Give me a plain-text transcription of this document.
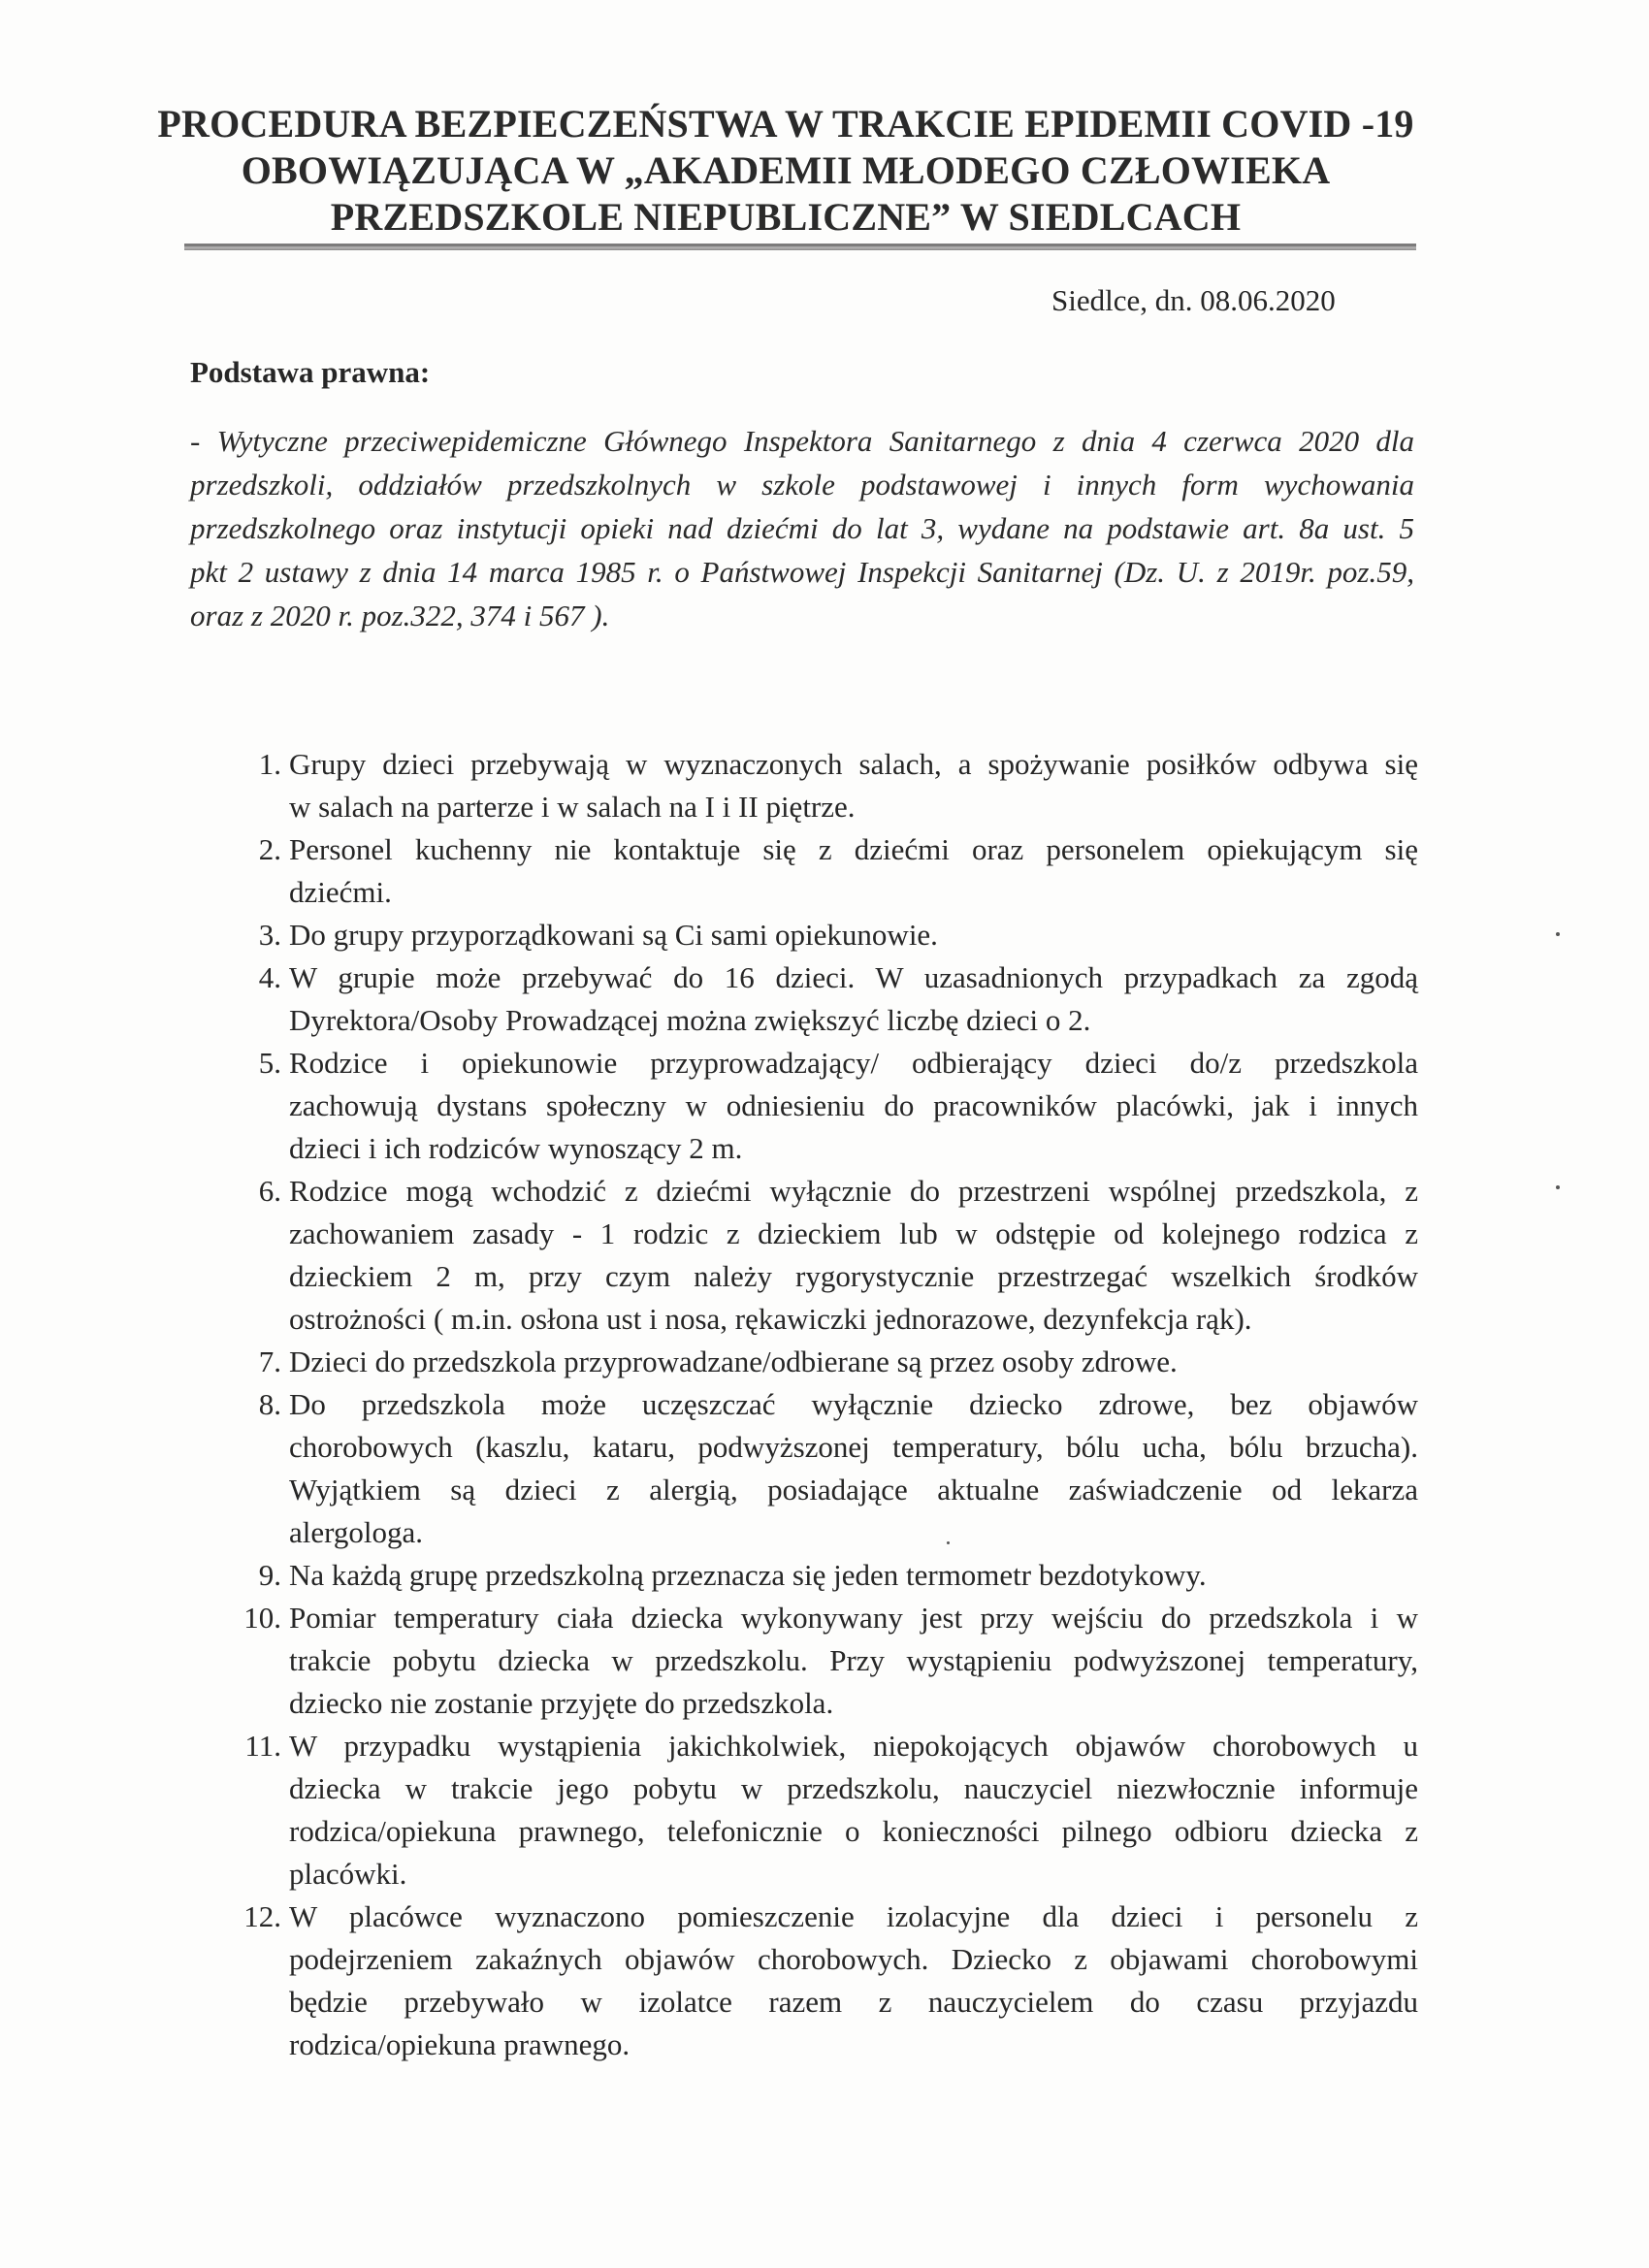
PROCEDURA BEZPIECZEŃSTWA W TRAKCIE EPIDEMII COVID -19
OBOWIĄZUJĄCA W „AKADEMII MŁODEGO CZŁOWIEKA
PRZEDSZKOLE NIEPUBLICZNE” W SIEDLCACH
Siedlce, dn. 08.06.2020
Podstawa prawna:
- Wytyczne przeciwepidemiczne Głównego Inspektora Sanitarnego z dnia 4 czerwca 2020 dla
przedszkoli, oddziałów przedszkolnych w szkole podstawowej i innych form wychowania
przedszkolnego oraz instytucji opieki nad dziećmi do lat 3, wydane na podstawie art. 8a ust. 5
pkt 2 ustawy z dnia 14 marca 1985 r. o Państwowej Inspekcji Sanitarnej (Dz. U. z 2019r. poz.59,
oraz z 2020 r. poz.322, 374 i 567 ).
1. Grupy dzieci przebywają w wyznaczonych salach, a spożywanie posiłków odbywa się
w salach na parterze i w salach na I i II piętrze.
2. Personel kuchenny nie kontaktuje się z dziećmi oraz personelem opiekującym się
dziećmi.
3. Do grupy przyporządkowani są Ci sami opiekunowie.
4. W grupie może przebywać do 16 dzieci. W uzasadnionych przypadkach za zgodą
Dyrektora/Osoby Prowadzącej można zwiększyć liczbę dzieci o 2.
5. Rodzice i opiekunowie przyprowadzający/ odbierający dzieci do/z przedszkola
zachowują dystans społeczny w odniesieniu do pracowników placówki, jak i innych
dzieci i ich rodziców wynoszący 2 m.
6. Rodzice mogą wchodzić z dziećmi wyłącznie do przestrzeni wspólnej przedszkola, z
zachowaniem zasady - 1 rodzic z dzieckiem lub w odstępie od kolejnego rodzica z
dzieckiem 2 m, przy czym należy rygorystycznie przestrzegać wszelkich środków
ostrożności ( m.in. osłona ust i nosa, rękawiczki jednorazowe, dezynfekcja rąk).
7. Dzieci do przedszkola przyprowadzane/odbierane są przez osoby zdrowe.
8. Do przedszkola może uczęszczać wyłącznie dziecko zdrowe, bez objawów
chorobowych (kaszlu, kataru, podwyższonej temperatury, bólu ucha, bólu brzucha).
Wyjątkiem są dzieci z alergią, posiadające aktualne zaświadczenie od lekarza
alergologa.
9. Na każdą grupę przedszkolną przeznacza się jeden termometr bezdotykowy.
10. Pomiar temperatury ciała dziecka wykonywany jest przy wejściu do przedszkola i w
trakcie pobytu dziecka w przedszkolu. Przy wystąpieniu podwyższonej temperatury,
dziecko nie zostanie przyjęte do przedszkola.
11. W przypadku wystąpienia jakichkolwiek, niepokojących objawów chorobowych u
dziecka w trakcie jego pobytu w przedszkolu, nauczyciel niezwłocznie informuje
rodzica/opiekuna prawnego, telefonicznie o konieczności pilnego odbioru dziecka z
placówki.
12. W placówce wyznaczono pomieszczenie izolacyjne dla dzieci i personelu z
podejrzeniem zakaźnych objawów chorobowych. Dziecko z objawami chorobowymi
będzie przebywało w izolatce razem z nauczycielem do czasu przyjazdu
rodzica/opiekuna prawnego.
